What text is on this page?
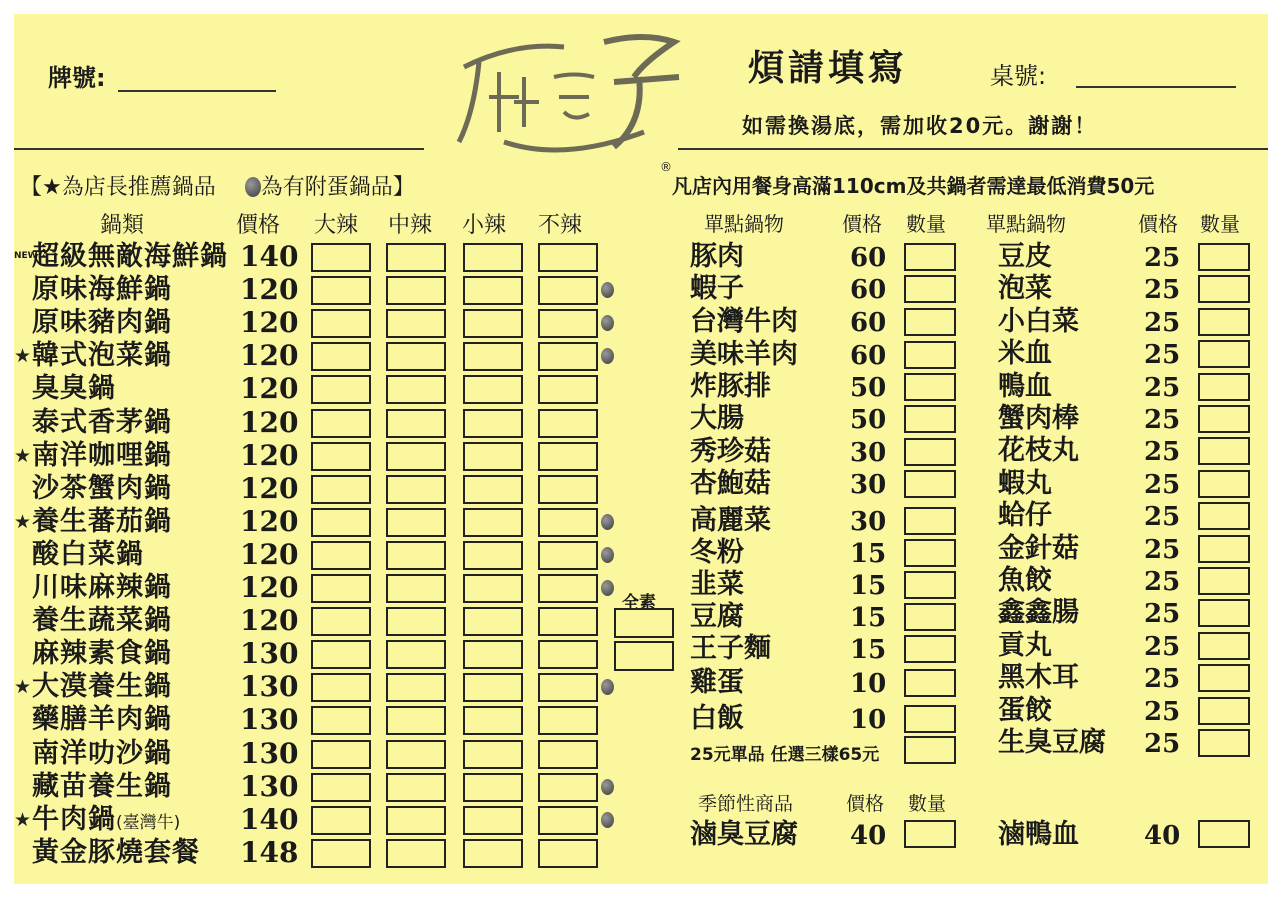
牌號:
®
煩請填寫	桌號:
如需換湯底，需加收20元。謝謝！
【★為店長推薦鍋品 為有附蛋鍋品】	凡店內用餐身高滿110cm及共鍋者需達最低消費50元
鍋類	價格 大辣 中辣 小辣 不辣
NEW
超級無敵海鮮鍋 140
原味海鮮鍋 120
原味豬肉鍋 120
★ 韓式泡菜鍋 120
臭臭鍋	120
泰式香茅鍋 120
★ 南洋咖哩鍋 120
沙茶蟹肉鍋 120
★ 養生蕃茄鍋 120
酸白菜鍋	120
川味麻辣鍋 120
養生蔬菜鍋 120
麻辣素食鍋 130
★ 大漠養生鍋 130
藥膳羊肉鍋 130
南洋叻沙鍋 130
藏苗養生鍋 130
★ 牛肉鍋(臺灣牛) 140
黃金豚燒套餐 148
全素
單點鍋物	價格 數量 單點鍋物	價格 數量
豚肉	60
蝦子	60
台灣牛肉 60
美味羊肉 60
炸豚排	50
大腸	50
秀珍菇	30
杏鮑菇	30
高麗菜	30
冬粉	15
韭菜	15
豆腐	15
王子麵	15
雞蛋	10
白飯	10
豆皮	25
泡菜	25
小白菜	25
米血	25
鴨血	25
蟹肉棒	25
花枝丸	25
蝦丸	25
蛤仔	25
金針菇	25
魚餃	25
鑫鑫腸	25
貢丸	25
黑木耳	25
蛋餃	25
生臭豆腐 25
25元單品 任選三樣65元
季節性商品	價格 數量
滷臭豆腐 40	滷鴨血	40
